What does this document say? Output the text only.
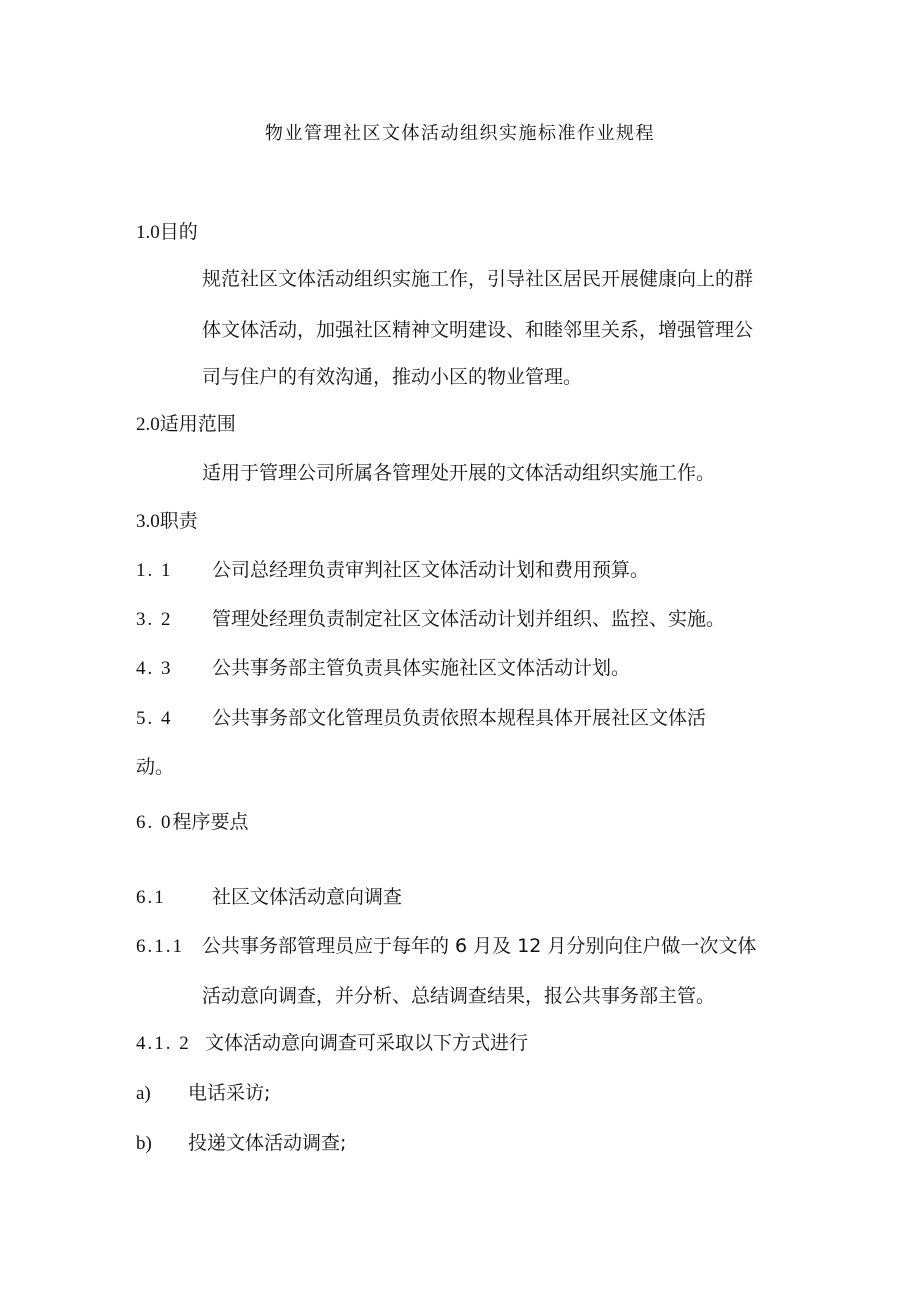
物业管理社区文体活动组织实施标准作业规程
1.0目的
规范社区文体活动组织实施工作，引导社区居民开展健康向上的群
体文体活动，加强社区精神文明建设、和睦邻里关系，增强管理公
司与住户的有效沟通，推动小区的物业管理。
2.0适用范围
适用于管理公司所属各管理处开展的文体活动组织实施工作。
3.0职责
1. 1 公司总经理负责审判社区文体活动计划和费用预算。
3. 2 管理处经理负责制定社区文体活动计划并组织、监控、实施。
4. 3 公共事务部主管负责具体实施社区文体活动计划。
5. 4 公共事务部文化管理员负责依照本规程具体开展社区文体活
动。
6. 0程序要点
6.1 社区文体活动意向调查
6.1.1 公共事务部管理员应于每年的 6 月及 12 月分别向住户做一次文体
活动意向调查，并分析、总结调查结果，报公共事务部主管。
4.1. 2 文体活动意向调查可采取以下方式进行
a) 电话采访;
b) 投递文体活动调查;
